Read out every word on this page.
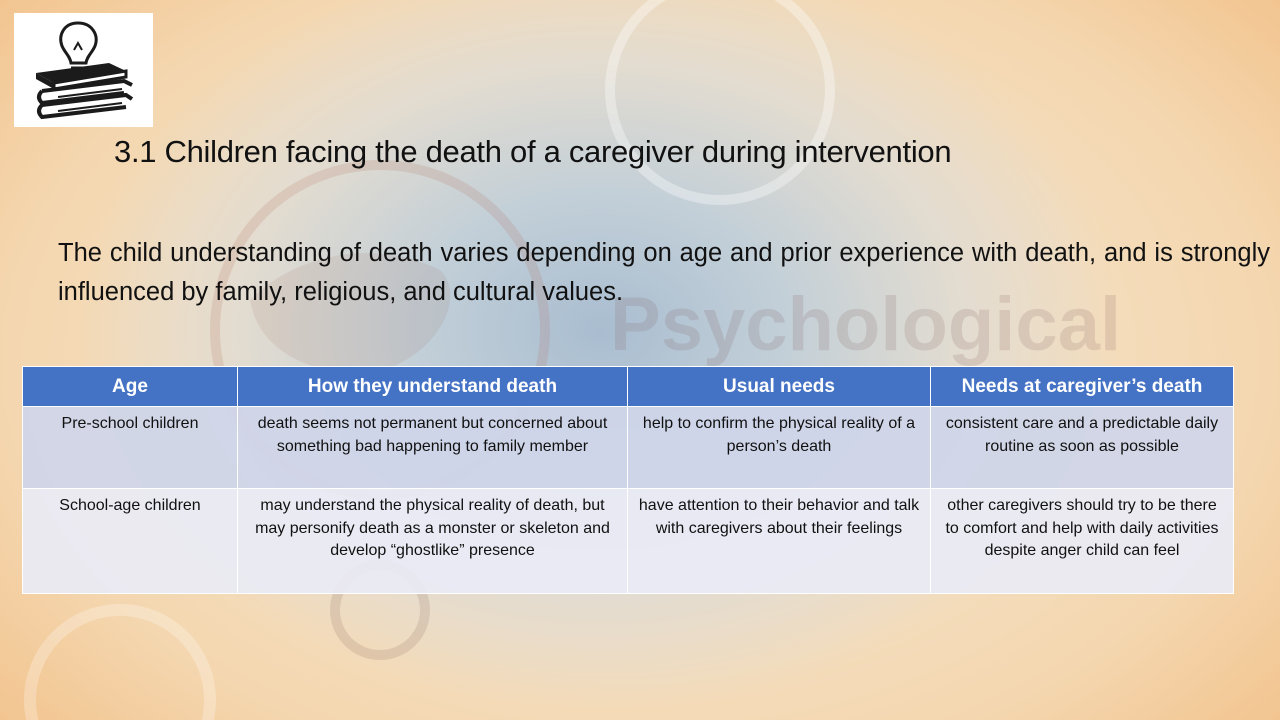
Psychological
3.1 Children facing the death of a caregiver during intervention
The child understanding of death varies depending on age and prior experience with death, and is strongly influenced by family, religious, and cultural values.
Age	How they understand death	Usual needs	Needs at caregiver’s death
Pre-school children	death seems not permanent but concerned about something bad happening to family member	help to confirm the physical reality of a person’s death	consistent care and a predictable daily routine as soon as possible
School-age children	may understand the physical reality of death, but may personify death as a monster or skeleton and develop “ghostlike” presence	have attention to their behavior and talk with caregivers about their feelings	other caregivers should try to be there to comfort and help with daily activities despite anger child can feel
